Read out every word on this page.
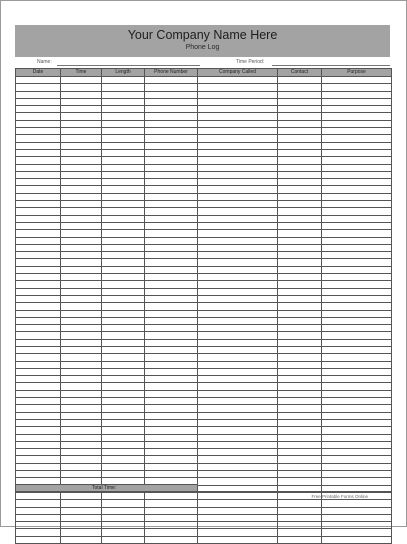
Your Company Name Here
Phone Log
Name:	Time Period:
Date	Time	Length	Phone Number	Company Called	Contact	Purpose

Total Time:
Free Printable Forms Online
